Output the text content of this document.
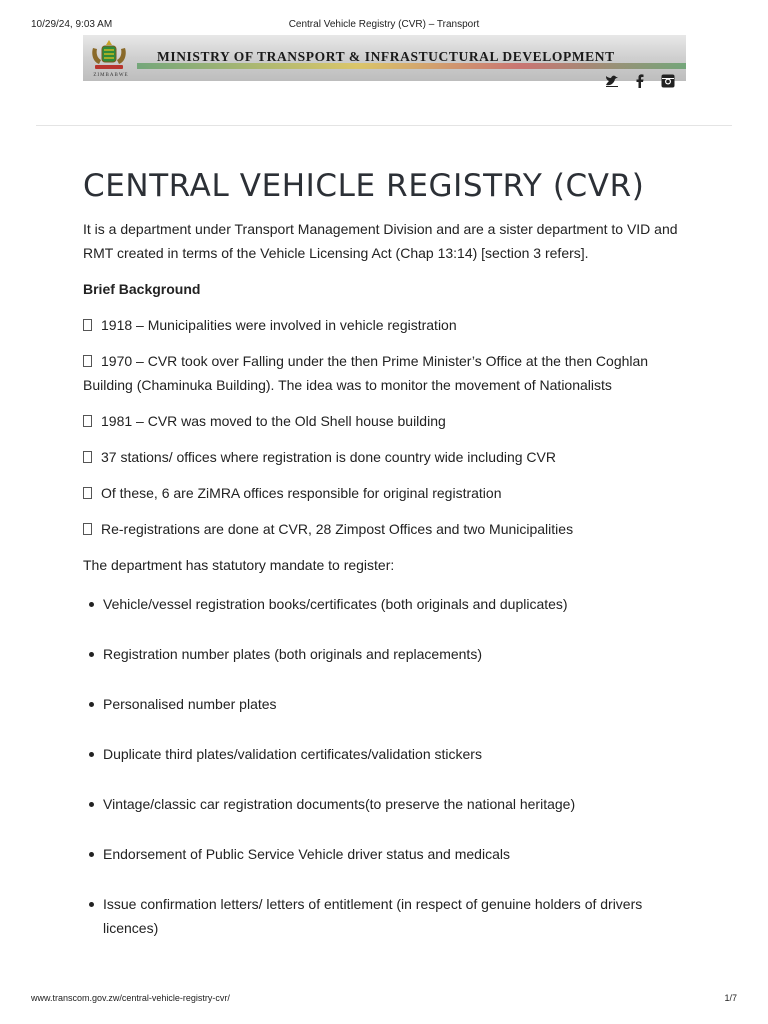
10/29/24, 9:03 AM	Central Vehicle Registry (CVR) – Transport
ZIMBABWE
MINISTRY OF TRANSPORT & INFRASTUCTURAL DEVELOPMENT
CENTRAL VEHICLE REGISTRY (CVR)

It is a department under Transport Management Division and are a sister department to VID and RMT created in terms of the Vehicle Licensing Act (Chap 13:14) [section 3 refers].

Brief Background

1918 – Municipalities were involved in vehicle registration
1970 – CVR took over Falling under the then Prime Minister’s Office at the then Coghlan Building (Chaminuka Building). The idea was to monitor the movement of Nationalists
1981 – CVR was moved to the Old Shell house building
37 stations/ offices where registration is done country wide including CVR
Of these, 6 are ZiMRA offices responsible for original registration
Re-registrations are done at CVR, 28 Zimpost Offices and two Municipalities

The department has statutory mandate to register:

Vehicle/vessel registration books/certificates (both originals and duplicates)
Registration number plates (both originals and replacements)
Personalised number plates
Duplicate third plates/validation certificates/validation stickers
Vintage/classic car registration documents(to preserve the national heritage)
Endorsement of Public Service Vehicle driver status and medicals
Issue confirmation letters/ letters of entitlement (in respect of genuine holders of drivers licences)
www.transcom.gov.zw/central-vehicle-registry-cvr/	1/7
